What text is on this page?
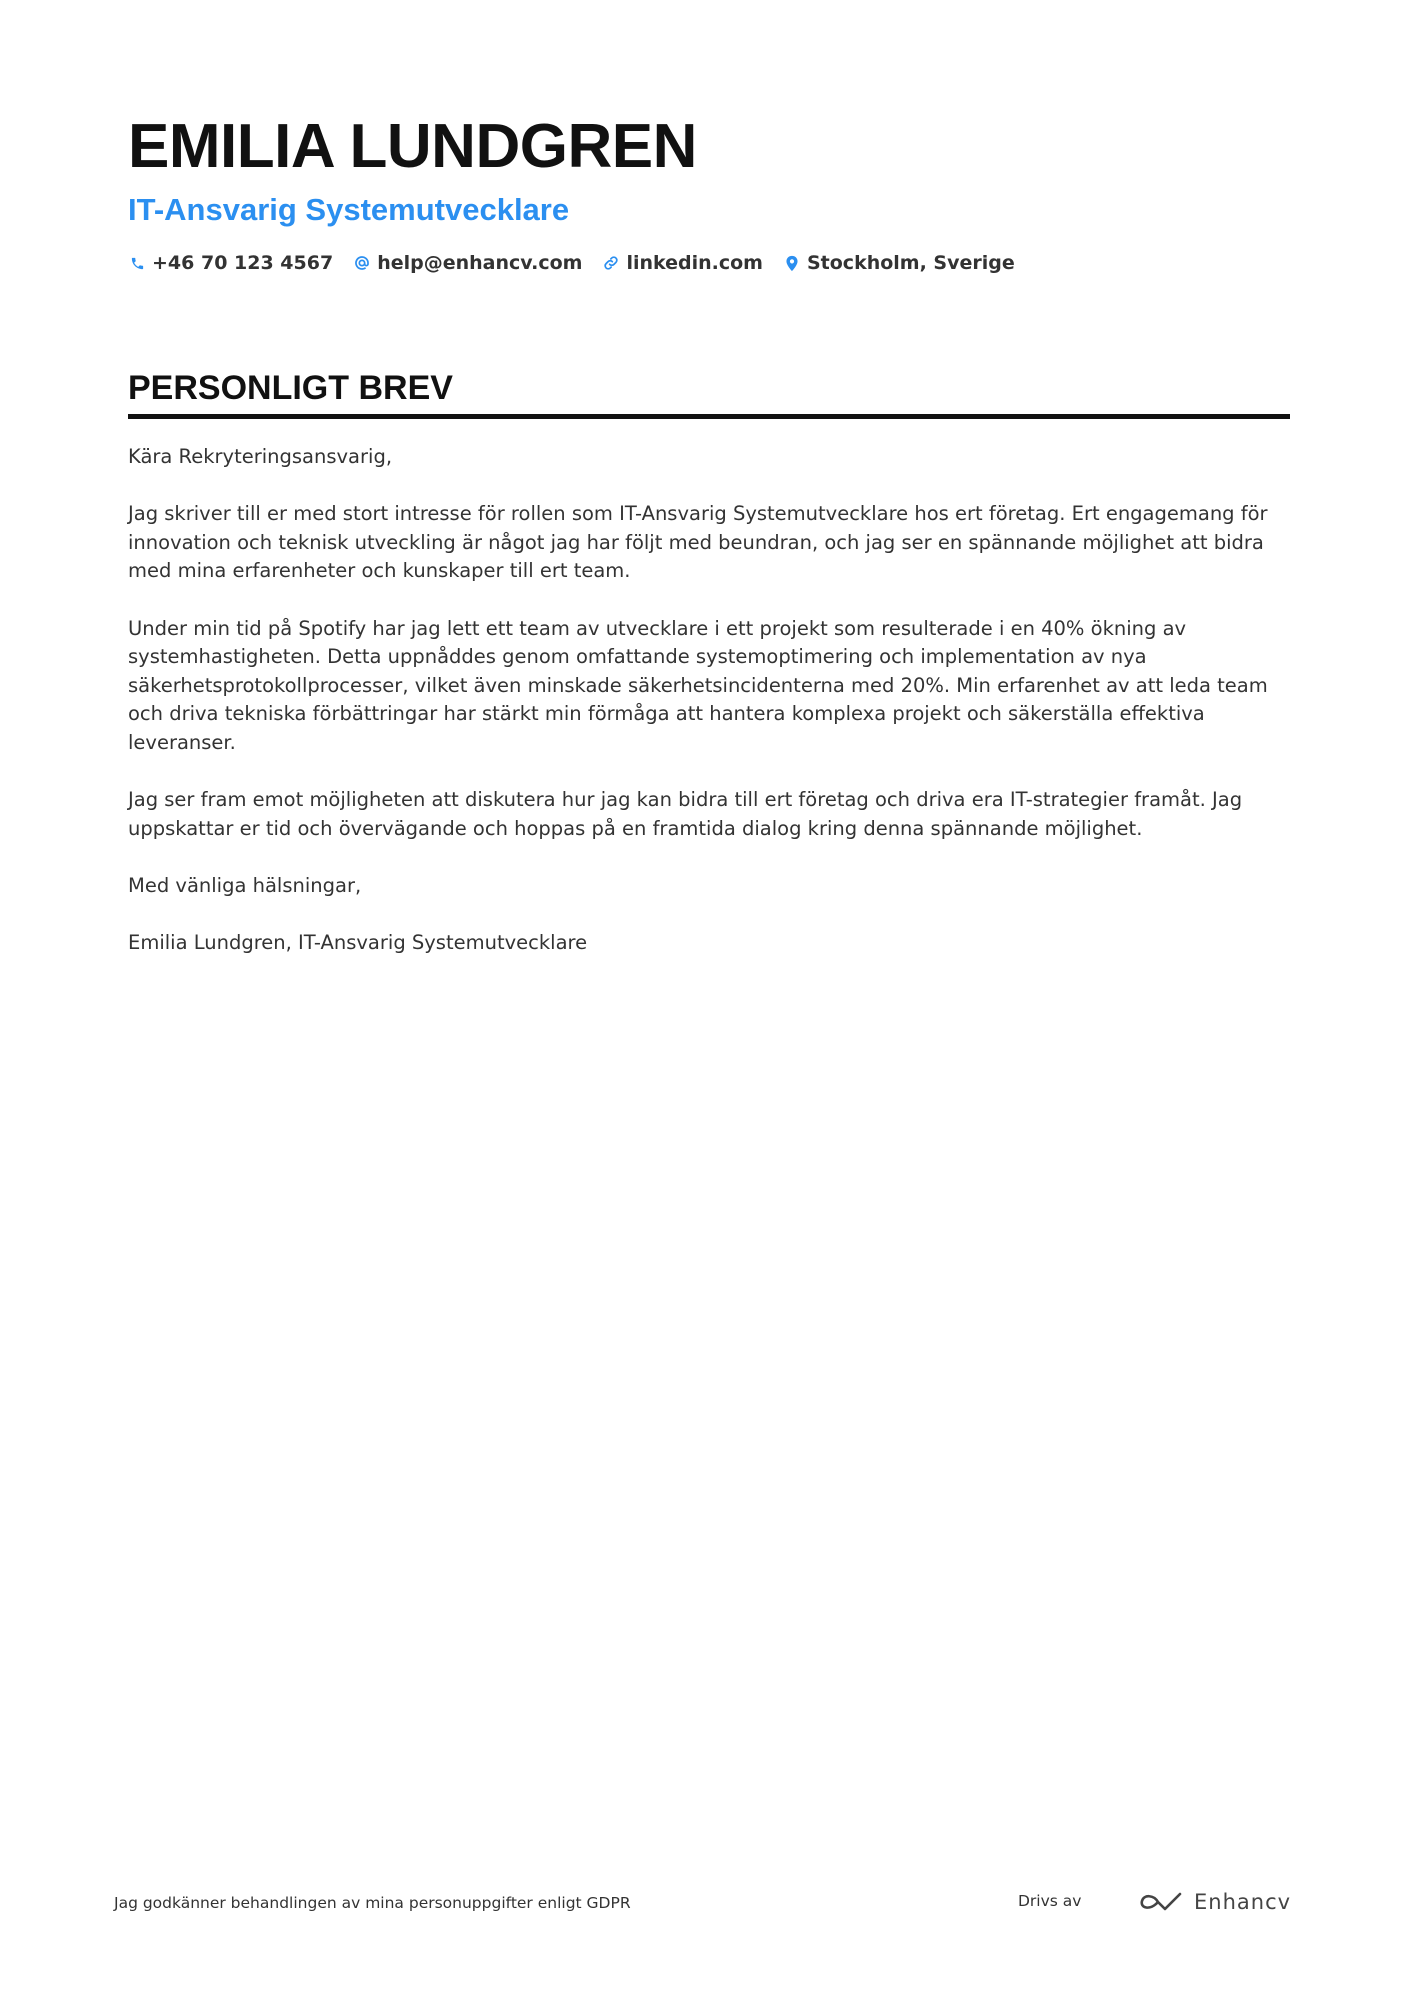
EMILIA LUNDGREN
IT-Ansvarig Systemutvecklare
+46 70 123 4567 help@enhancv.com linkedin.com Stockholm, Sverige
PERSONLIGT BREV

Kära Rekryteringsansvarig,

Jag skriver till er med stort intresse för rollen som IT-Ansvarig Systemutvecklare hos ert företag. Ert engagemang för innovation och teknisk utveckling är något jag har följt med beundran, och jag ser en spännande möjlighet att bidra med mina erfarenheter och kunskaper till ert team.

Under min tid på Spotify har jag lett ett team av utvecklare i ett projekt som resulterade i en 40% ökning av systemhastigheten. Detta uppnåddes genom omfattande systemoptimering och implementation av nya säkerhetsprotokollprocesser, vilket även minskade säkerhetsincidenterna med 20%. Min erfarenhet av att leda team och driva tekniska förbättringar har stärkt min förmåga att hantera komplexa projekt och säkerställa effektiva leveranser.

Jag ser fram emot möjligheten att diskutera hur jag kan bidra till ert företag och driva era IT-strategier framåt. Jag uppskattar er tid och övervägande och hoppas på en framtida dialog kring denna spännande möjlighet.

Med vänliga hälsningar,

Emilia Lundgren, IT-Ansvarig Systemutvecklare

Jag godkänner behandlingen av mina personuppgifter enligt GDPR	Drivs av	Enhancv
